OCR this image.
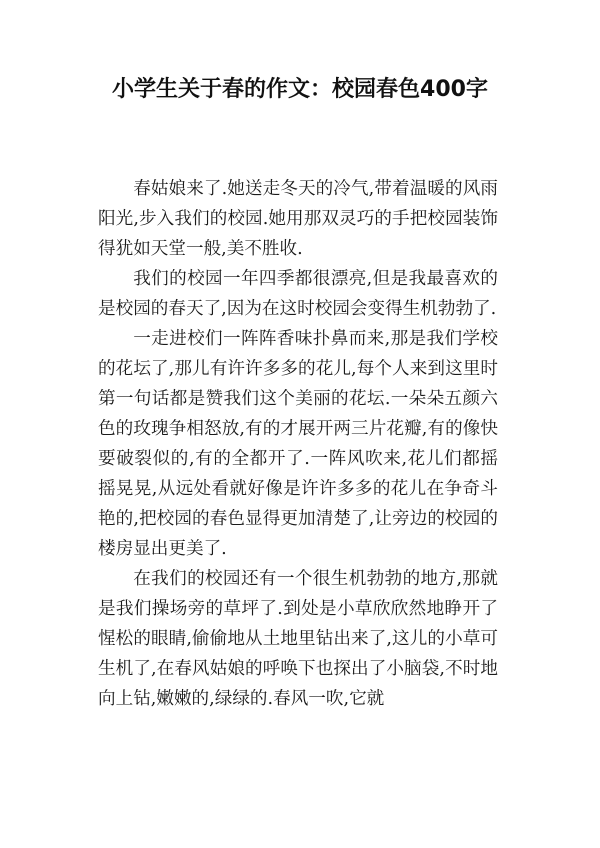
小学生关于春的作文：校园春色400字

春姑娘来了.她送走冬天的冷气,带着温暖的风雨阳光,步入我们的校园.她用那双灵巧的手把校园装饰得犹如天堂一般,美不胜收.

我们的校园一年四季都很漂亮,但是我最喜欢的是校园的春天了,因为在这时校园会变得生机勃勃了.

一走进校们一阵阵香味扑鼻而来,那是我们学校的花坛了,那儿有许许多多的花儿,每个人来到这里时第一句话都是赞我们这个美丽的花坛.一朵朵五颜六色的玫瑰争相怒放,有的才展开两三片花瓣,有的像快要破裂似的,有的全都开了.一阵风吹来,花儿们都摇摇晃晃,从远处看就好像是许许多多的花儿在争奇斗艳的,把校园的春色显得更加清楚了,让旁边的校园的楼房显出更美了.

在我们的校园还有一个很生机勃勃的地方,那就是我们操场旁的草坪了.到处是小草欣欣然地睁开了惺松的眼睛,偷偷地从土地里钻出来了,这儿的小草可生机了,在春风姑娘的呼唤下也探出了小脑袋,不时地向上钻,嫩嫩的,绿绿的.春风一吹,它就
